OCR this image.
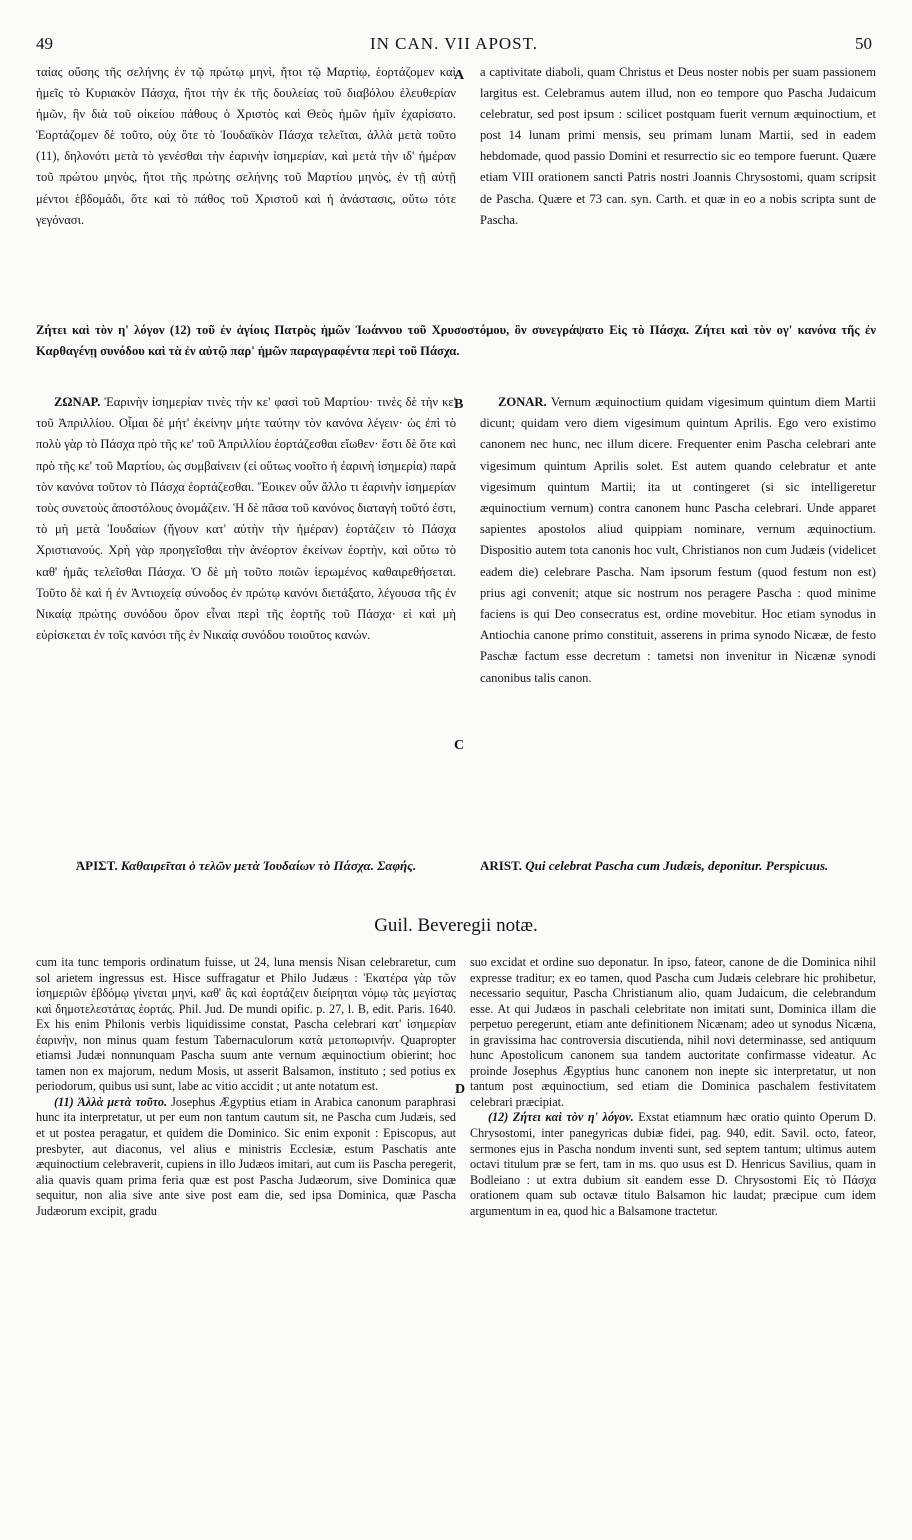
49	IN CAN. VII APOST.	50
A
B
C
D

ταίας οὔσης τῆς σελήνης ἐν τῷ πρώτῳ μηνὶ, ἤτοι τῷ Μαρτίῳ, ἑορτάζομεν καὶ ἡμεῖς τὸ Κυριακὸν Πάσχα, ἤτοι τὴν ἐκ τῆς δουλείας τοῦ διαβόλου ἐλευθερίαν ἡμῶν, ἣν διὰ τοῦ οἰκείου πάθους ὁ Χριστὸς καὶ Θεὸς ἡμῶν ἡμῖν ἐχαρίσατο. Ἑορτάζομεν δὲ τοῦτο, οὐχ ὅτε τὸ Ἰουδαϊκὸν Πάσχα τελεῖται, ἀλλὰ μετὰ τοῦτο (11), δηλονότι μετὰ τὸ γενέσθαι τὴν ἐαρινὴν ἰσημερίαν, καὶ μετὰ τὴν ιδ' ἡμέραν τοῦ πρώτου μηνὸς, ἤτοι τῆς πρώτης σελήνης τοῦ Μαρτίου μηνὸς, ἐν τῇ αὐτῇ μέντοι ἑβδομάδι, ὅτε καὶ τὸ πάθος τοῦ Χριστοῦ καὶ ἡ ἀνάστασις, οὕτω τότε γεγόνασι.

a captivitate diaboli, quam Christus et Deus noster nobis per suam passionem largitus est. Celebramus autem illud, non eo tempore quo Pascha Judaicum celebratur, sed post ipsum : scilicet postquam fuerit vernum æquinoctium, et post 14 lunam primi mensis, seu primam lunam Martii, sed in eadem hebdomade, quod passio Domini et resurrectio sic eo tempore fuerunt. Quære etiam VIII orationem sancti Patris nostri Joannis Chrysostomi, quam scripsit de Pascha. Quære et 73 can. syn. Carth. et quæ in eo a nobis scripta sunt de Pascha.

Ζήτει καὶ τὸν η' λόγον (12) τοῦ ἐν ἁγίοις Πατρὸς ἡμῶν Ἰωάννου τοῦ Χρυσοστόμου, ὃν συνεγράψατο Εἰς τὸ Πάσχα. Ζήτει καὶ τὸν ογ' κανόνα τῆς ἐν Καρθαγένῃ συνόδου καὶ τὰ ἐν αὐτῷ παρ' ἡμῶν παραγραφέντα περὶ τοῦ Πάσχα.

ΖΩΝΑΡ. Ἐαρινὴν ἰσημερίαν τινὲς τὴν κε' φασὶ τοῦ Μαρτίου· τινὲς δὲ τὴν κε' τοῦ Ἀπριλλίου. Οἶμαι δὲ μήτ' ἐκείνην μήτε ταύτην τὸν κανόνα λέγειν· ὡς ἐπὶ τὸ πολὺ γὰρ τὸ Πάσχα πρὸ τῆς κε' τοῦ Ἀπριλλίου ἑορτάζεσθαι εἴωθεν· ἔστι δὲ ὅτε καὶ πρὸ τῆς κε' τοῦ Μαρτίου, ὡς συμβαίνειν (εἰ οὕτως νοοῖτο ἡ ἐαρινὴ ἰσημερία) παρὰ τὸν κανόνα τοῦτον τὸ Πάσχα ἑορτάζεσθαι. Ἔοικεν οὖν ἄλλο τι ἐαρινὴν ἰσημερίαν τοὺς συνετοὺς ἀποστόλους ὀνομάζειν. Ἡ δὲ πᾶσα τοῦ κανόνος διαταγὴ τοῦτό ἐστι, τὸ μὴ μετὰ Ἰουδαίων (ἤγουν κατ' αὐτὴν τὴν ἡμέραν) ἑορτάζειν τὸ Πάσχα Χριστιανούς. Χρὴ γὰρ προηγεῖσθαι τὴν ἀνέορτον ἐκείνων ἑορτὴν, καὶ οὕτω τὸ καθ' ἡμᾶς τελεῖσθαι Πάσχα. Ὁ δὲ μὴ τοῦτο ποιῶν ἱερωμένος καθαιρεθήσεται. Τοῦτο δὲ καὶ ἡ ἐν Ἀντιοχείᾳ σύνοδος ἐν πρώτῳ κανόνι διετάξατο, λέγουσα τῆς ἐν Νικαίᾳ πρώτης συνόδου ὅρον εἶναι περὶ τῆς ἑορτῆς τοῦ Πάσχα· εἰ καὶ μὴ εὑρίσκεται ἐν τοῖς κανόσι τῆς ἐν Νικαίᾳ συνόδου τοιοῦτος κανών.

ZONAR. Vernum æquinoctium quidam vigesimum quintum diem Martii dicunt; quidam vero diem vigesimum quintum Aprilis. Ego vero existimo canonem nec hunc, nec illum dicere. Frequenter enim Pascha celebrari ante vigesimum quintum Aprilis solet. Est autem quando celebratur et ante vigesimum quintum Martii; ita ut contingeret (si sic intelligeretur æquinoctium vernum) contra canonem hunc Pascha celebrari. Unde apparet sapientes apostolos aliud quippiam nominare, vernum æquinoctium. Dispositio autem tota canonis hoc vult, Christianos non cum Judæis (videlicet eadem die) celebrare Pascha. Nam ipsorum festum (quod festum non est) prius agi convenit; atque sic nostrum nos peragere Pascha : quod minime faciens is qui Deo consecratus est, ordine movebitur. Hoc etiam synodus in Antiochia canone primo constituit, asserens in prima synodo Nicææ, de festo Paschæ factum esse decretum : tametsi non invenitur in Nicænæ synodi canonibus talis canon.

ἈΡΙΣΤ. Καθαιρεῖται ὁ τελῶν μετὰ Ἰουδαίων τὸ Πάσχα. Σαφής.	ARIST. Qui celebrat Pascha cum Judæis, deponitur. Perspicuus.

Guil. Beveregii notæ.

cum ita tunc temporis ordinatum fuisse, ut 24, luna mensis Nisan celebraretur, cum sol arietem ingressus est. Hisce suffragatur et Philo Judæus : Ἑκατέρα γὰρ τῶν ἰσημεριῶν ἑβδόμῳ γίνεται μηνὶ, καθ' ἃς καὶ ἑορτάζειν διείρηται νόμῳ τὰς μεγίστας καὶ δημοτελεστάτας ἑορτάς. Phil. Jud. De mundi opific. p. 27, l. B, edit. Paris. 1640. Ex his enim Philonis verbis liquidissime constat, Pascha celebrari κατ' ἰσημερίαν ἐαρινὴν, non minus quam festum Tabernaculorum κατὰ μετοπωρινήν. Quapropter etiamsi Judæi nonnunquam Pascha suum ante vernum æquinoctium obierint; hoc tamen non ex majorum, nedum Mosis, ut asserit Balsamon, instituto ; sed potius ex periodorum, quibus usi sunt, labe ac vitio accidit ; ut ante notatum est.

(11) Ἀλλὰ μετὰ τοῦτο. Josephus Ægyptius etiam in Arabica canonum paraphrasi hunc ita interpretatur, ut per eum non tantum cautum sit, ne Pascha cum Judæis, sed et ut postea peragatur, et quidem die Dominico. Sic enim exponit : Episcopus, aut presbyter, aut diaconus, vel alius e ministris Ecclesiæ, estum Paschatis ante æquinoctium celebraverit, cupiens in illo Judæos imitari, aut cum iis Pascha peregerit, alia quavis quam prima feria quæ est post Pascha Judæorum, sive Dominica quæ sequitur, non alia sive ante sive post eam die, sed ipsa Dominica, quæ Pascha Judæorum excipit, gradu

suo excidat et ordine suo deponatur. In ipso, fateor, canone de die Dominica nihil expresse traditur; ex eo tamen, quod Pascha cum Judæis celebrare hic prohibetur, necessario sequitur, Pascha Christianum alio, quam Judaicum, die celebrandum esse. At qui Judæos in paschali celebritate non imitati sunt, Dominica illam die perpetuo peregerunt, etiam ante definitionem Nicænam; adeo ut synodus Nicæna, in gravissima hac controversia discutienda, nihil novi determinasse, sed antiquum hunc Apostolicum canonem sua tandem auctoritate confirmasse videatur. Ac proinde Josephus Ægyptius hunc canonem non inepte sic interpretatur, ut non tantum post æquinoctium, sed etiam die Dominica paschalem festivitatem celebrari præcipiat.

(12) Ζήτει καὶ τὸν η' λόγον. Exstat etiamnum hæc oratio quinto Operum D. Chrysostomi, inter panegyricas dubiæ fidei, pag. 940, edit. Savil. octo, fateor, sermones ejus in Pascha nondum inventi sunt, sed septem tantum; ultimus autem octavi titulum præ se fert, tam in ms. quo usus est D. Henricus Savilius, quam in Bodleiano : ut extra dubium sit eandem esse D. Chrysostomi Εἰς τὸ Πάσχα orationem quam sub octavæ titulo Balsamon hic laudat; præcipue cum idem argumentum in ea, quod hic a Balsamone tractetur.
